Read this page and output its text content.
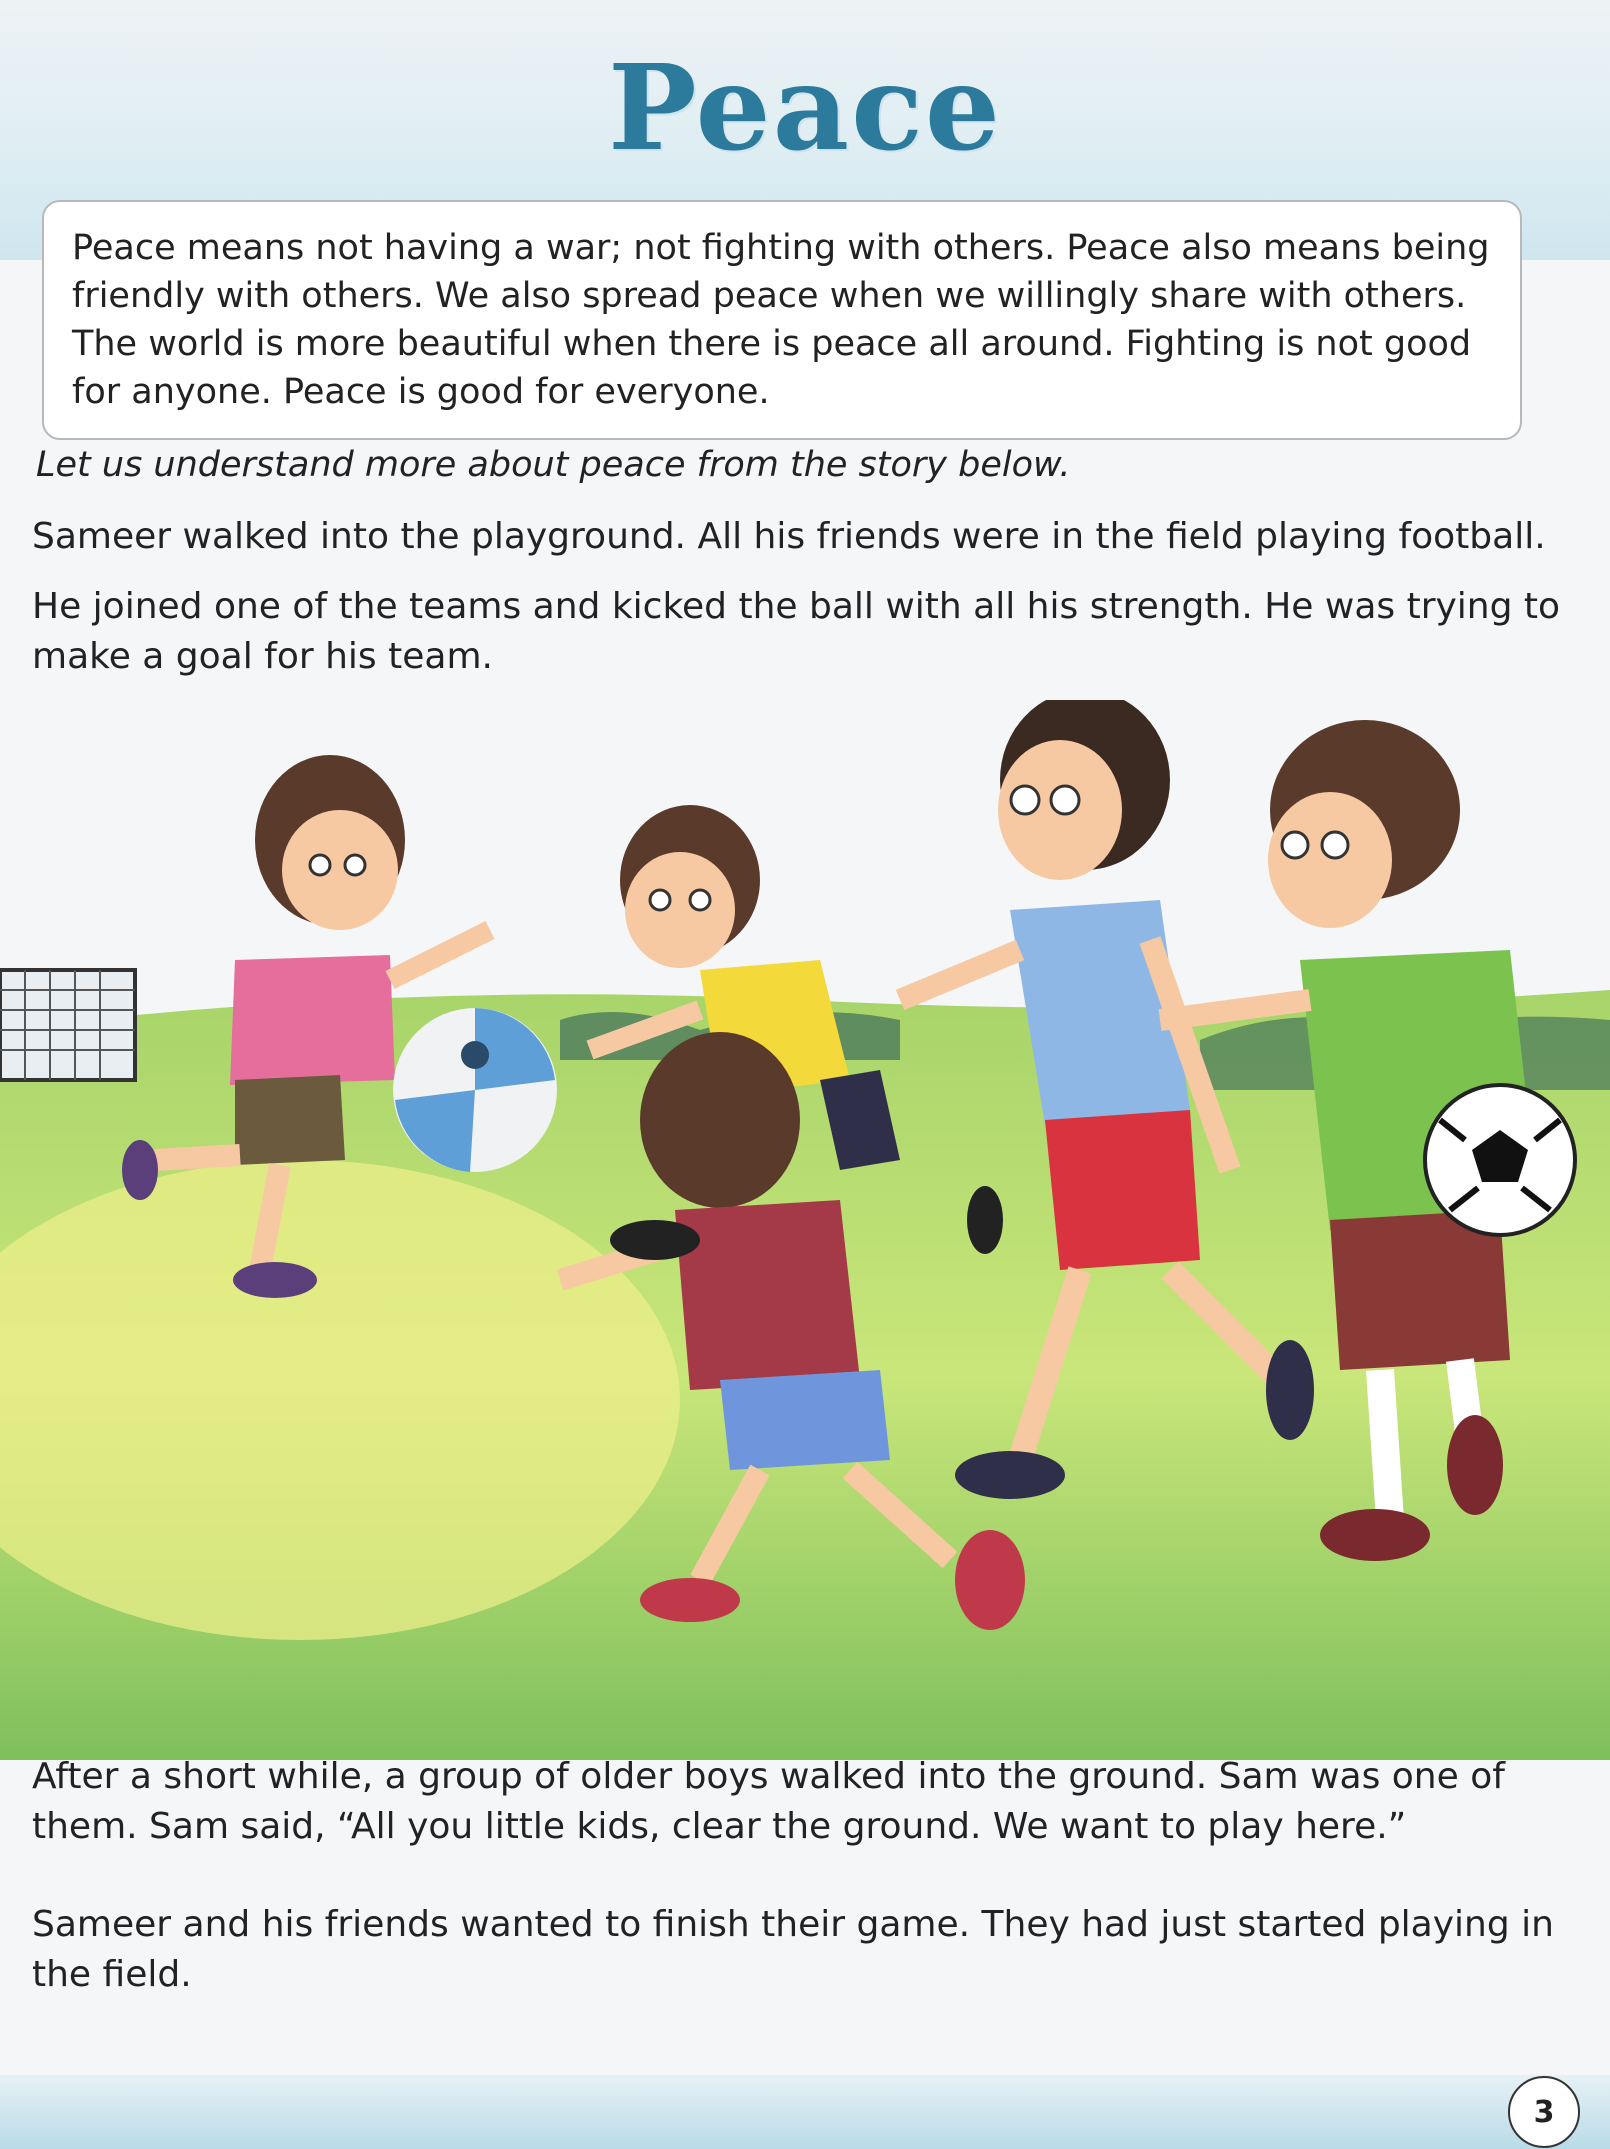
Peace
Peace means not having a war; not fighting with others. Peace also means being friendly with others. We also spread peace when we willingly share with others. The world is more beautiful when there is peace all around. Fighting is not good for anyone. Peace is good for everyone.
Let us understand more about peace from the story below.
Sameer walked into the playground. All his friends were in the field playing football.
He joined one of the teams and kicked the ball with all his strength. He was trying to make a goal for his team.
After a short while, a group of older boys walked into the ground. Sam was one of them. Sam said, “All you little kids, clear the ground. We want to play here.”
Sameer and his friends wanted to finish their game. They had just started playing in the field.
3
